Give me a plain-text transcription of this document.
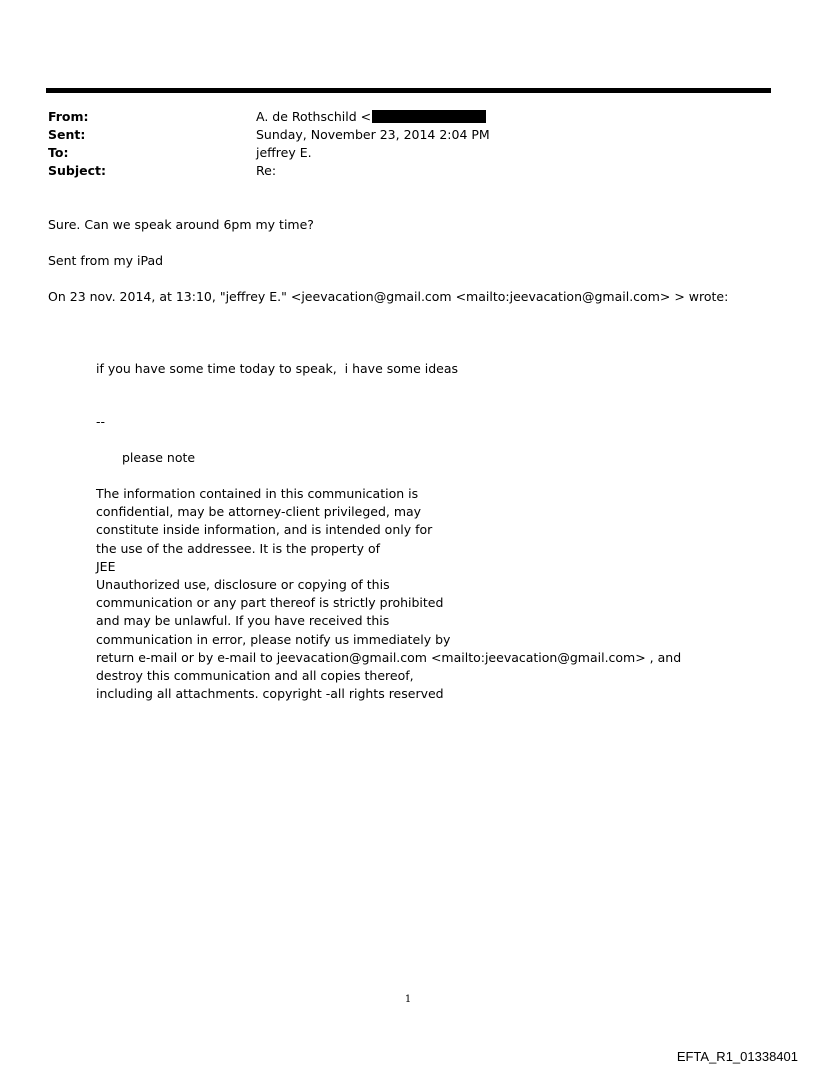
From:	A. de Rothschild <
Sent:	Sunday, November 23, 2014 2:04 PM
To:	jeffrey E.
Subject:	Re:
Sure. Can we speak around 6pm my time?
Sent from my iPad
On 23 nov. 2014, at 13:10, "jeffrey E." <jeevacation@gmail.com <mailto:jeevacation@gmail.com> > wrote:
if you have some time today to speak,  i have some ideas
--
please note
The information contained in this communication is
confidential, may be attorney-client privileged, may
constitute inside information, and is intended only for
the use of the addressee. It is the property of
JEE
Unauthorized use, disclosure or copying of this
communication or any part thereof is strictly prohibited
and may be unlawful. If you have received this
communication in error, please notify us immediately by
return e-mail or by e-mail to jeevacation@gmail.com <mailto:jeevacation@gmail.com> , and
destroy this communication and all copies thereof,
including all attachments. copyright -all rights reserved
1
EFTA_R1_01338401
